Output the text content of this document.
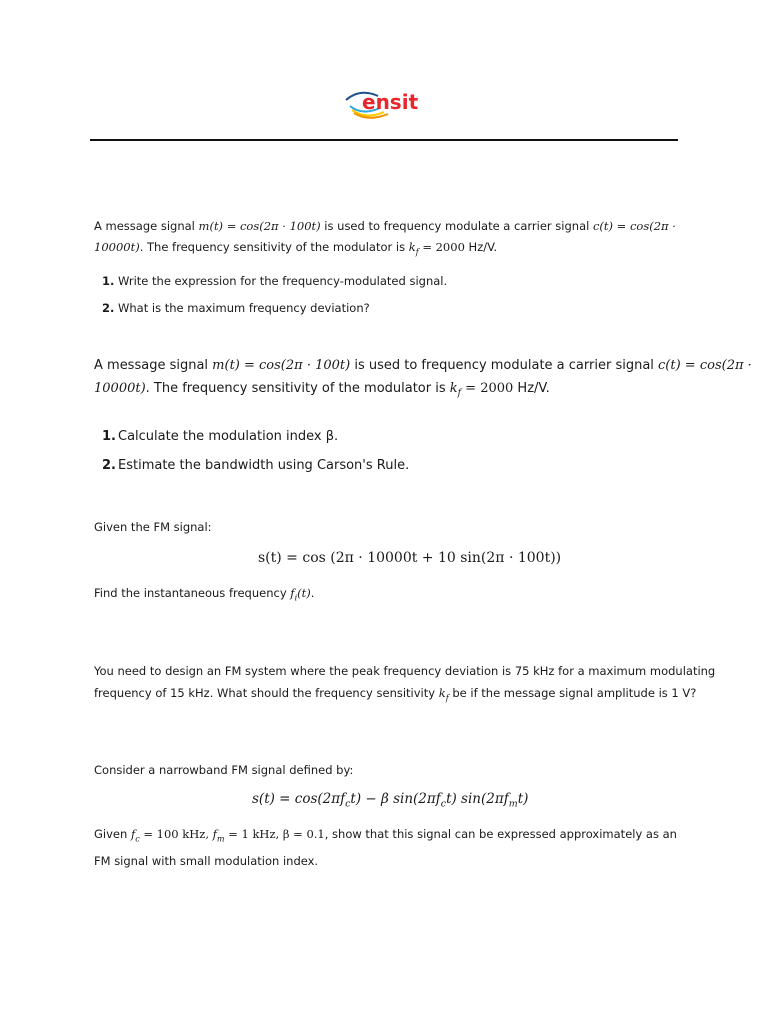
ensit

A message signal m(t) = cos(2π · 100t) is used to frequency modulate a carrier signal c(t) = cos(2π ·

10000t). The frequency sensitivity of the modulator is $k_f = 2000$ Hz/V.

1. Write the expression for the frequency-modulated signal.
2. What is the maximum frequency deviation?

A message signal m(t) = cos(2π · 100t) is used to frequency modulate a carrier signal c(t) = cos(2π ·

10000t). The frequency sensitivity of the modulator is $k_f = 2000$ Hz/V.

1. Calculate the modulation index β.
2. Estimate the bandwidth using Carson's Rule.

Given the FM signal:

s(t) = cos (2π · 10000t + 10 sin(2π · 100t))

Find the instantaneous frequency $f_i(t)$.

You need to design an FM system where the peak frequency deviation is 75 kHz for a maximum modulating

frequency of 15 kHz. What should the frequency sensitivity $k_f$ be if the message signal amplitude is 1 V?

Consider a narrowband FM signal defined by:

$s(t) = \cos(2\pi f_ct) - \beta$ $\sin(2\pi f_ct)$ $\sin(2\pi f_mt)$

Given $f_c = 100$ kHz, $f_m = 1$ kHz, β = 0.1, show that this signal can be expressed approximately as an

FM signal with small modulation index.
